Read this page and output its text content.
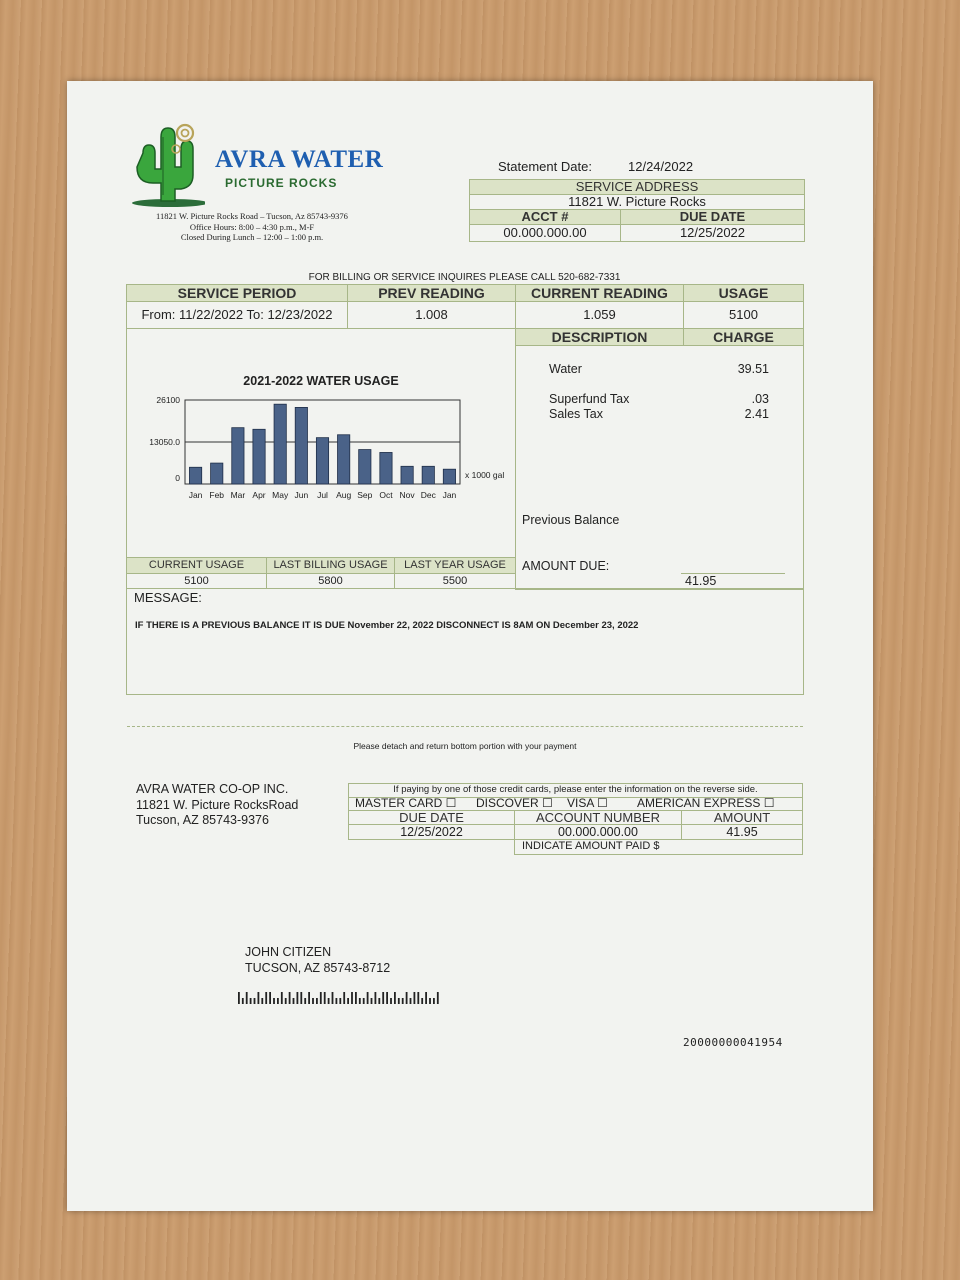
AVRA WATER
PICTURE ROCKS
11821 W. Picture Rocks Road – Tucson, Az 85743-9376
Office Hours: 8:00 – 4:30 p.m., M-F
Closed During Lunch – 12:00 – 1:00 p.m.
Statement Date:	12/24/2022
SERVICE ADDRESS
11821 W. Picture Rocks
ACCT #	DUE DATE
00.000.000.00	12/25/2022
FOR BILLING OR SERVICE INQUIRES PLEASE CALL 520-682-7331
SERVICE PERIOD	PREV READING	CURRENT READING	USAGE
From: 11/22/2022 To: 12/23/2022	1.008	1.059	5100
2021-2022 WATER USAGE
26100
13050.0
0
Jan Feb Mar Apr May Jun Jul Aug Sep Oct Nov Dec Jan
x 1000 gal
DESCRIPTION	CHARGE
Water	39.51
Superfund Tax	.03
Sales Tax	2.41
Previous Balance
AMOUNT DUE:
41.95
CURRENT USAGE	LAST BILLING USAGE	LAST YEAR USAGE
5100	5800	5500
MESSAGE:
IF THERE IS A PREVIOUS BALANCE IT IS DUE November 22, 2022 DISCONNECT IS 8AM ON December 23, 2022
Please detach and return bottom portion with your payment
AVRA WATER CO-OP INC.
11821 W. Picture RocksRoad
Tucson, AZ 85743-9376
If paying by one of those credit cards, please enter the information on the reverse side.
MASTER CARD ☐ DISCOVER ☐ VISA ☐ AMERICAN EXPRESS ☐
DUE DATE	ACCOUNT NUMBER	AMOUNT
12/25/2022	00.000.000.00	41.95
INDICATE AMOUNT PAID $
JOHN CITIZEN
TUCSON, AZ 85743-8712
20000000041954
